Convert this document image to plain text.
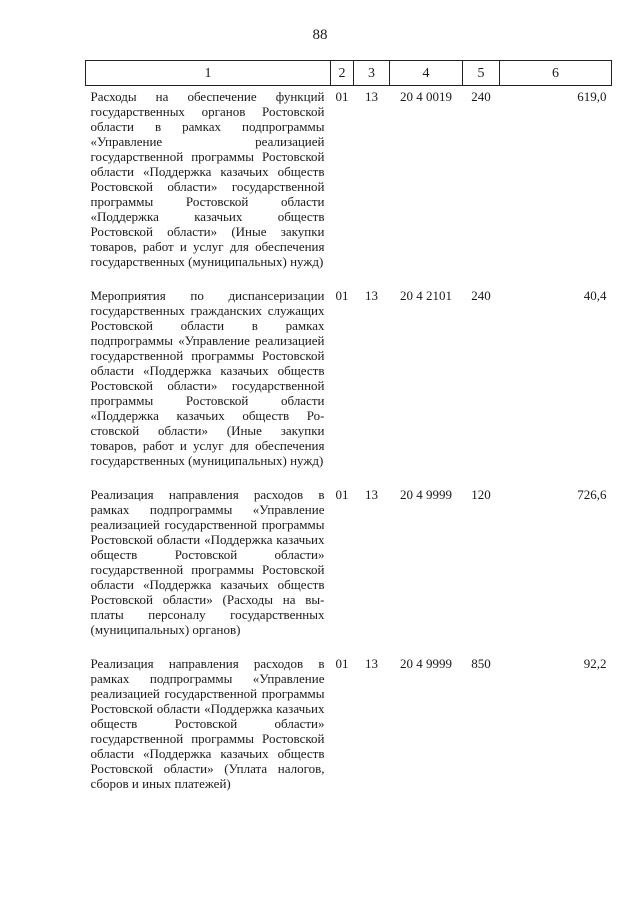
88
1	2	3	4	5	6
Расходы на обеспечение функций государственных органов Ростовской области в рамках подпрограммы «Управление реализацией государственной программы Ростовской области «Поддержка казачьих обществ Ростовской области» государственной программы Ростовской области «Поддержка казачьих обществ Ростовской области» (Иные закупки товаров, работ и услуг для обеспечения государственных (муниципальных) нужд)	01	13	20 4 0019	240	619,0
Мероприятия по диспансеризации государственных гражданских служащих Ростовской области в рамках подпрограммы «Управление реализацией государственной программы Ростовской области «Поддержка казачьих обществ Ростовской области» государственной программы Ростовской области «Поддержка казачьих обществ Ростовской области» (Иные закупки товаров, работ и услуг для обеспечения государственных (муниципальных) нужд)	01	13	20 4 2101	240	40,4
Реализация направления расходов в рамках подпрограммы «Управление реализацией государственной программы Ростовской области «Поддержка казачьих обществ Ростовской области» государственной программы Ростовской области «Поддержка казачьих обществ Ростовской области» (Расходы на выплаты персоналу государственных (муниципальных) органов)	01	13	20 4 9999	120	726,6
Реализация направления расходов в рамках подпрограммы «Управление реализацией государственной программы Ростовской области «Поддержка казачьих обществ Ростовской области» государственной программы Ростовской области «Поддержка казачьих обществ Ростовской области» (Уплата налогов, сборов и иных платежей)	01	13	20 4 9999	850	92,2
